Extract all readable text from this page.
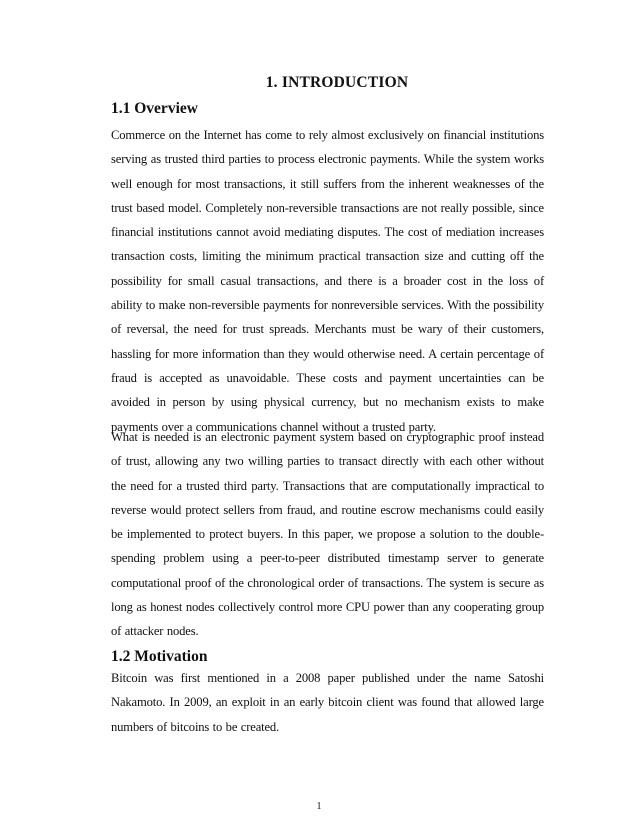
1. INTRODUCTION
1.1 Overview

Commerce on the Internet has come to rely almost exclusively on financial institutions serving as trusted third parties to process electronic payments. While the system works well enough for most transactions, it still suffers from the inherent weaknesses of the trust based model. Completely non-reversible transactions are not really possible, since financial institutions cannot avoid mediating disputes. The cost of mediation increases transaction costs, limiting the minimum practical transaction size and cutting off the possibility for small casual transactions, and there is a broader cost in the loss of ability to make non-reversible payments for nonreversible services. With the possibility of reversal, the need for trust spreads. Merchants must be wary of their customers, hassling for more information than they would otherwise need. A certain percentage of fraud is accepted as unavoidable. These costs and payment uncertainties can be avoided in person by using physical currency, but no mechanism exists to make payments over a communications channel without a trusted party.

What is needed is an electronic payment system based on cryptographic proof instead of trust, allowing any two willing parties to transact directly with each other without the need for a trusted third party. Transactions that are computationally impractical to reverse would protect sellers from fraud, and routine escrow mechanisms could easily be implemented to protect buyers. In this paper, we propose a solution to the double-spending problem using a peer-to-peer distributed timestamp server to generate computational proof of the chronological order of transactions. The system is secure as long as honest nodes collectively control more CPU power than any cooperating group of attacker nodes.

1.2 Motivation

Bitcoin was first mentioned in a 2008 paper published under the name Satoshi Nakamoto. In 2009, an exploit in an early bitcoin client was found that allowed large numbers of bitcoins to be created.

1
